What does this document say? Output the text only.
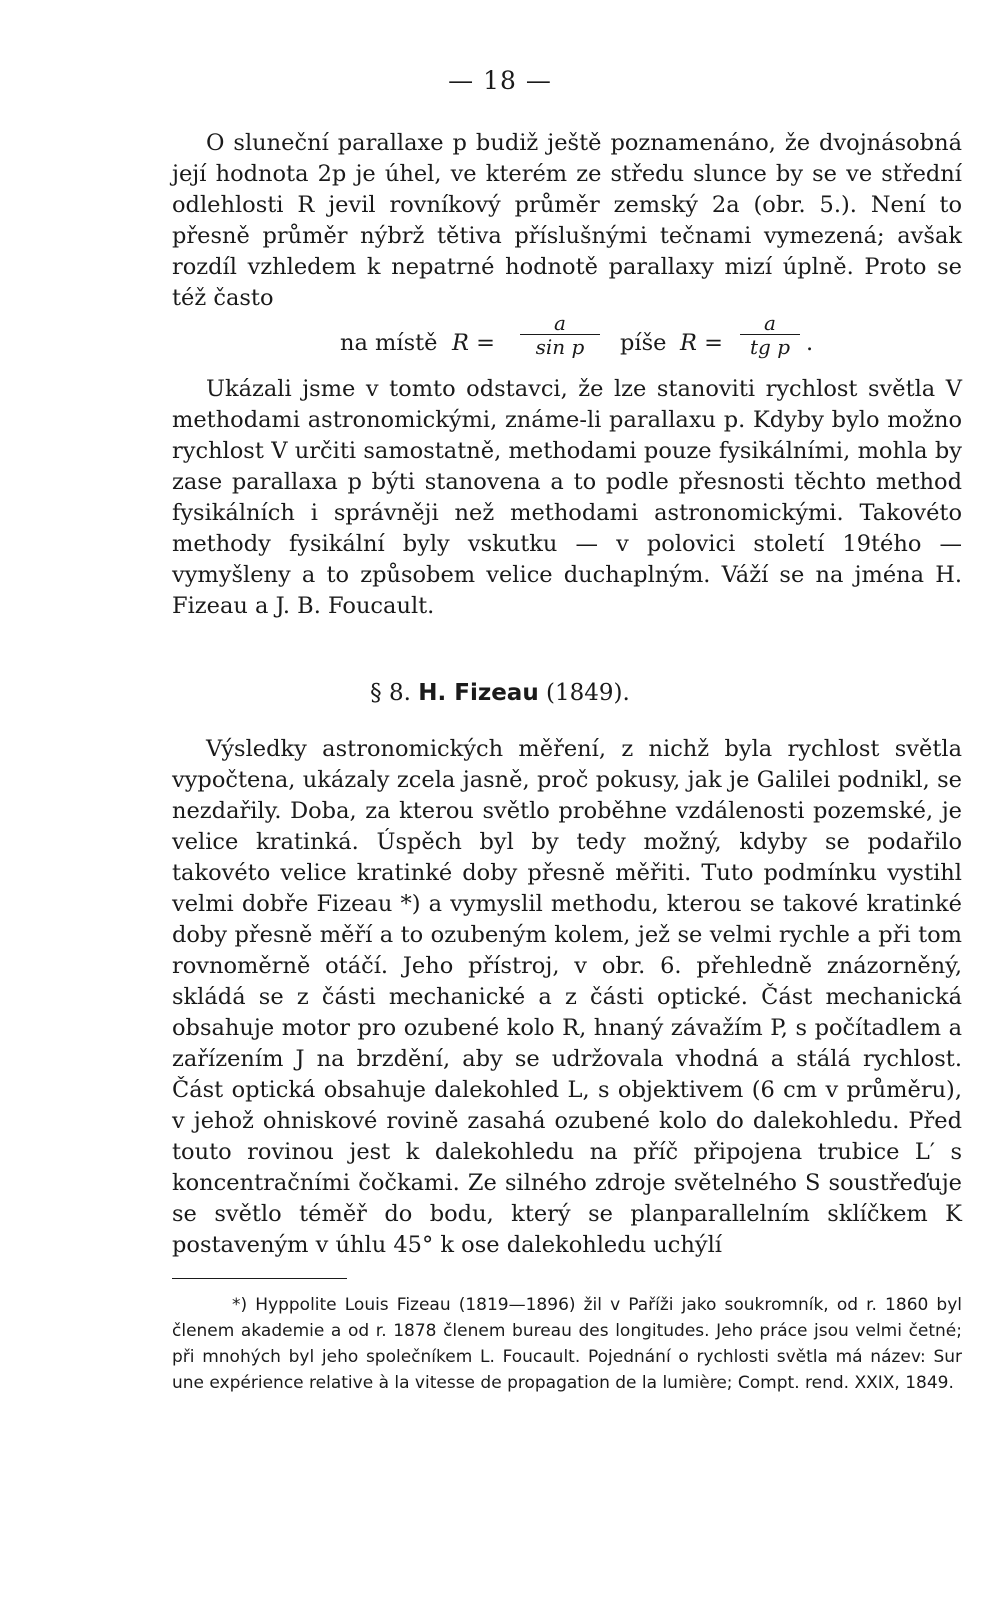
— 18 —

O sluneční parallaxe p budiž ještě poznamenáno, že dvojnásobná její hodnota 2p je úhel, ve kterém ze středu slunce by se ve střední odlehlosti R jevil rovníkový průměr zemský 2a (obr. 5.). Není to přesně průměr nýbrž tětiva příslušnými tečnami vymezená; avšak rozdíl vzhledem k nepatrné hodnotě parallaxy mizí úplně. Proto se též často

na místě R =
a
sin p	píše R =
a
tg p .

Ukázali jsme v tomto odstavci, že lze stanoviti rychlost světla V methodami astronomickými, známe-li parallaxu p. Kdyby bylo možno rychlost V určiti samostatně, methodami pouze fysikálními, mohla by zase parallaxa p býti stanovena a to podle přesnosti těchto method fysikálních i správněji než methodami astronomickými. Takovéto methody fysikální byly vskutku — v polovici století 19tého — vymyšleny a to způsobem velice duchaplným. Váží se na jména H. Fizeau a J. B. Foucault.

§ 8. H. Fizeau (1849).

Výsledky astronomických měření, z nichž byla rychlost světla vypočtena, ukázaly zcela jasně, proč pokusy, jak je Galilei podnikl, se nezdařily. Doba, za kterou světlo proběhne vzdálenosti pozemské, je velice kratinká. Úspěch byl by tedy možný, kdyby se podařilo takovéto velice kratinké doby přesně měřiti. Tuto podmínku vystihl velmi dobře Fizeau *) a vymyslil methodu, kterou se takové kratinké doby přesně měří a to ozubeným kolem, jež se velmi rychle a při tom rovnoměrně otáčí. Jeho přístroj, v obr. 6. přehledně znázorněný, skládá se z části mechanické a z části optické. Část mechanická obsahuje motor pro ozubené kolo R, hnaný závažím P, s počítadlem a zařízením J na brzdění, aby se udržovala vhodná a stálá rychlost. Část optická obsahuje dalekohled L, s objektivem (6 cm v průměru), v jehož ohniskové rovině zasahá ozubené kolo do dalekohledu. Před touto rovinou jest k dalekohledu na příč připojena trubice L′ s koncentračními čočkami. Ze silného zdroje světelného S soustřeďuje se světlo téměř do bodu, který se planparallelním sklíčkem K postaveným v úhlu 45° k ose dalekohledu uchýlí

*) Hyppolite Louis Fizeau (1819—1896) žil v Paříži jako soukromník, od r. 1860 byl členem akademie a od r. 1878 členem bureau des longitudes. Jeho práce jsou velmi četné; při mnohých byl jeho společníkem L. Foucault. Pojednání o rychlosti světla má název: Sur une expérience relative à la vitesse de propagation de la lumière; Compt. rend. XXIX, 1849.
